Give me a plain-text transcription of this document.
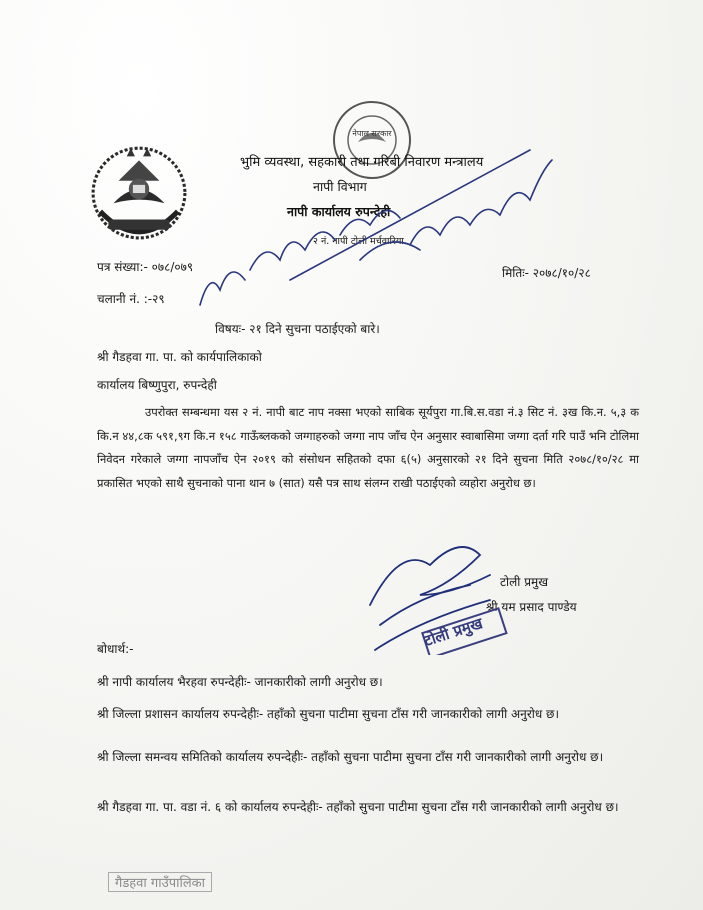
नेपाल सरकार
भुमि व्यवस्था, सहकारी तथा गरिबी निवारण मन्त्रालय
नापी विभाग
नापी कार्यालय रुपन्देही
२ नं. नापी टोली मर्चवारिया
पत्र संख्या:- ०७८/०७९	मितिः- २०७८/१०/२८
चलानी नं. :-२९
विषयः- २१ दिने सुचना पठाईएको बारे।
श्री गैडहवा गा. पा. को कार्यपालिकाको
कार्यालय बिष्णुपुरा, रुपन्देही
उपरोक्त सम्बन्धमा यस २ नं. नापी बाट नाप नक्सा भएको साबिक सूर्यपुरा गा.बि.स.वडा नं.३ सिट नं. ३ख कि.न. ५,३ क कि.न ४४,८क ५९१,९ग कि.न १५८ गाऊँब्लकको जग्गाहरुको जग्गा नाप जाँच ऐन अनुसार स्वाबासिमा जग्गा दर्ता गरि पाउँ भनि टोलिमा निवेदन गरेकाले जग्गा नापजाँच ऐन २०१९ को संसोधन सहितको दफा ६(५) अनुसारको २१ दिने सुचना मिति २०७८/१०/२८ मा प्रकासित भएको साथै सुचनाको पाना थान ७ (सात) यसै पत्र साथ संलग्न राखी पठाईएको व्यहोरा अनुरोध छ।
टोली प्रमुख
श्री यम प्रसाद पाण्डेय
बोधार्थ:-
श्री नापी कार्यालय भैरहवा रुपन्देहीः- जानकारीको लागी अनुरोध छ।
श्री जिल्ला प्रशासन कार्यालय रुपन्देहीः- तहाँको सुचना पाटीमा सुचना टाँस गरी जानकारीको लागी अनुरोध छ।
श्री जिल्ला समन्वय समितिको कार्यालय रुपन्देहीः- तहाँको सुचना पाटीमा सुचना टाँस गरी जानकारीको लागी अनुरोध छ।
श्री गैडहवा गा. पा. वडा नं. ६ को कार्यालय रुपन्देहीः- तहाँको सुचना पाटीमा सुचना टाँस गरी जानकारीको लागी अनुरोध छ।
टोली प्रमुख
गैडहवा गाउँपालिका
